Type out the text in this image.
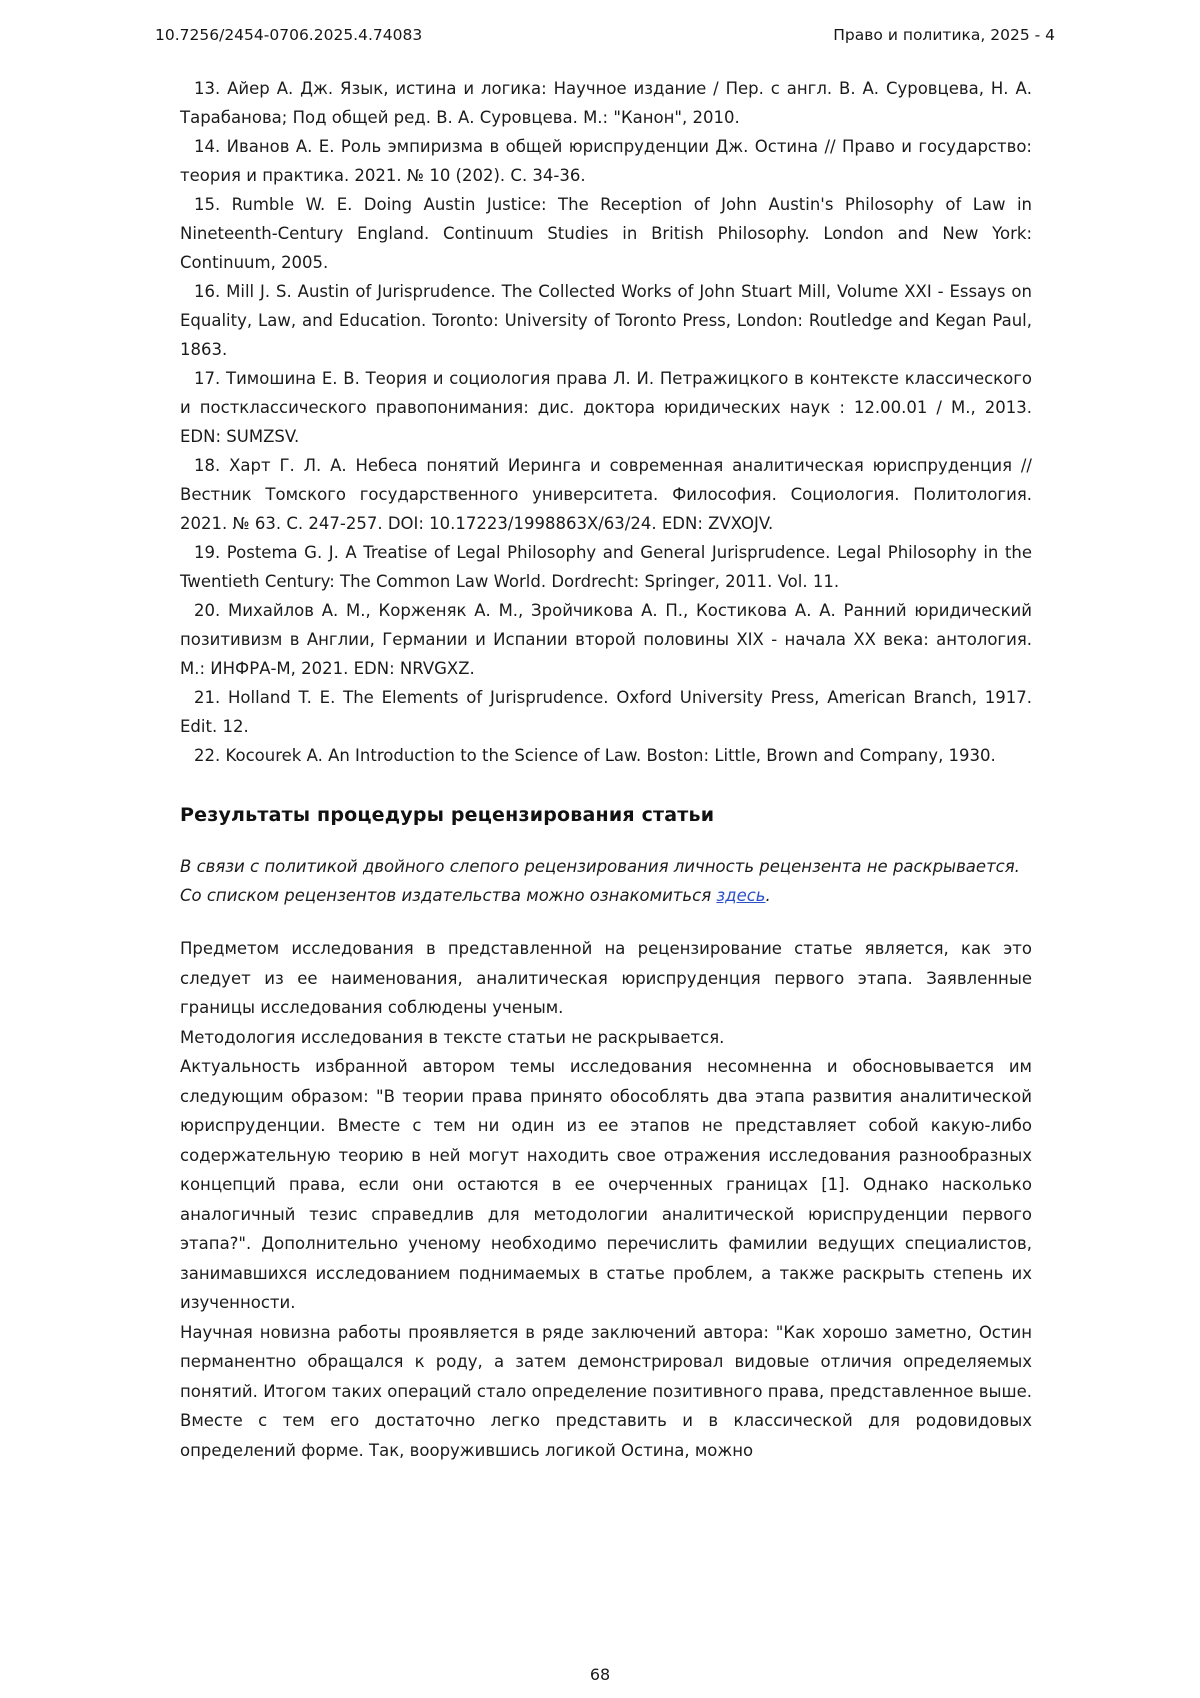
10.7256/2454-0706.2025.4.74083	Право и политика, 2025 - 4

13. Айер А. Дж. Язык, истина и логика: Научное издание / Пер. с англ. В. А. Суровцева, Н. А. Тарабанова; Под общей ред. В. А. Суровцева. М.: "Канон", 2010.

14. Иванов А. Е. Роль эмпиризма в общей юриспруденции Дж. Остина // Право и государство: теория и практика. 2021. № 10 (202). С. 34-36.

15. Rumble W. E. Doing Austin Justice: The Reception of John Austin's Philosophy of Law in Nineteenth-Century England. Continuum Studies in British Philosophy. London and New York: Continuum, 2005.

16. Mill J. S. Austin of Jurisprudence. The Collected Works of John Stuart Mill, Volume XXI - Essays on Equality, Law, and Education. Toronto: University of Toronto Press, London: Routledge and Kegan Paul, 1863.

17. Тимошина Е. В. Теория и социология права Л. И. Петражицкого в контексте классического и постклассического правопонимания: дис. доктора юридических наук : 12.00.01 / М., 2013. EDN: SUMZSV.

18. Харт Г. Л. А. Небеса понятий Иеринга и современная аналитическая юриспруденция // Вестник Томского государственного университета. Философия. Социология. Политология. 2021. № 63. С. 247-257. DOI: 10.17223/1998863X/63/24. EDN: ZVXOJV.

19. Postema G. J. A Treatise of Legal Philosophy and General Jurisprudence. Legal Philosophy in the Twentieth Century: The Common Law World. Dordrecht: Springer, 2011. Vol. 11.

20. Михайлов А. М., Корженяк А. М., Зройчикова А. П., Костикова А. А. Ранний юридический позитивизм в Англии, Германии и Испании второй половины XIX - начала XX века: антология. М.: ИНФРА-М, 2021. EDN: NRVGXZ.

21. Holland T. E. The Elements of Jurisprudence. Oxford University Press, American Branch, 1917. Edit. 12.

22. Kocourek A. An Introduction to the Science of Law. Boston: Little, Brown and Company, 1930.

Результаты процедуры рецензирования статьи

В связи с политикой двойного слепого рецензирования личность рецензента не раскрывается.

Со списком рецензентов издательства можно ознакомиться здесь.

Предметом исследования в представленной на рецензирование статье является, как это следует из ее наименования, аналитическая юриспруденция первого этапа. Заявленные границы исследования соблюдены ученым.

Методология исследования в тексте статьи не раскрывается.

Актуальность избранной автором темы исследования несомненна и обосновывается им следующим образом: "В теории права принято обособлять два этапа развития аналитической юриспруденции. Вместе с тем ни один из ее этапов не представляет собой какую-либо содержательную теорию в ней могут находить свое отражения исследования разнообразных концепций права, если они остаются в ее очерченных границах [1]. Однако насколько аналогичный тезис справедлив для методологии аналитической юриспруденции первого этапа?". Дополнительно ученому необходимо перечислить фамилии ведущих специалистов, занимавшихся исследованием поднимаемых в статье проблем, а также раскрыть степень их изученности.

Научная новизна работы проявляется в ряде заключений автора: "Как хорошо заметно, Остин перманентно обращался к роду, а затем демонстрировал видовые отличия определяемых понятий. Итогом таких операций стало определение позитивного права, представленное выше. Вместе с тем его достаточно легко представить и в классической для родовидовых определений форме. Так, вооружившись логикой Остина, можно

68
